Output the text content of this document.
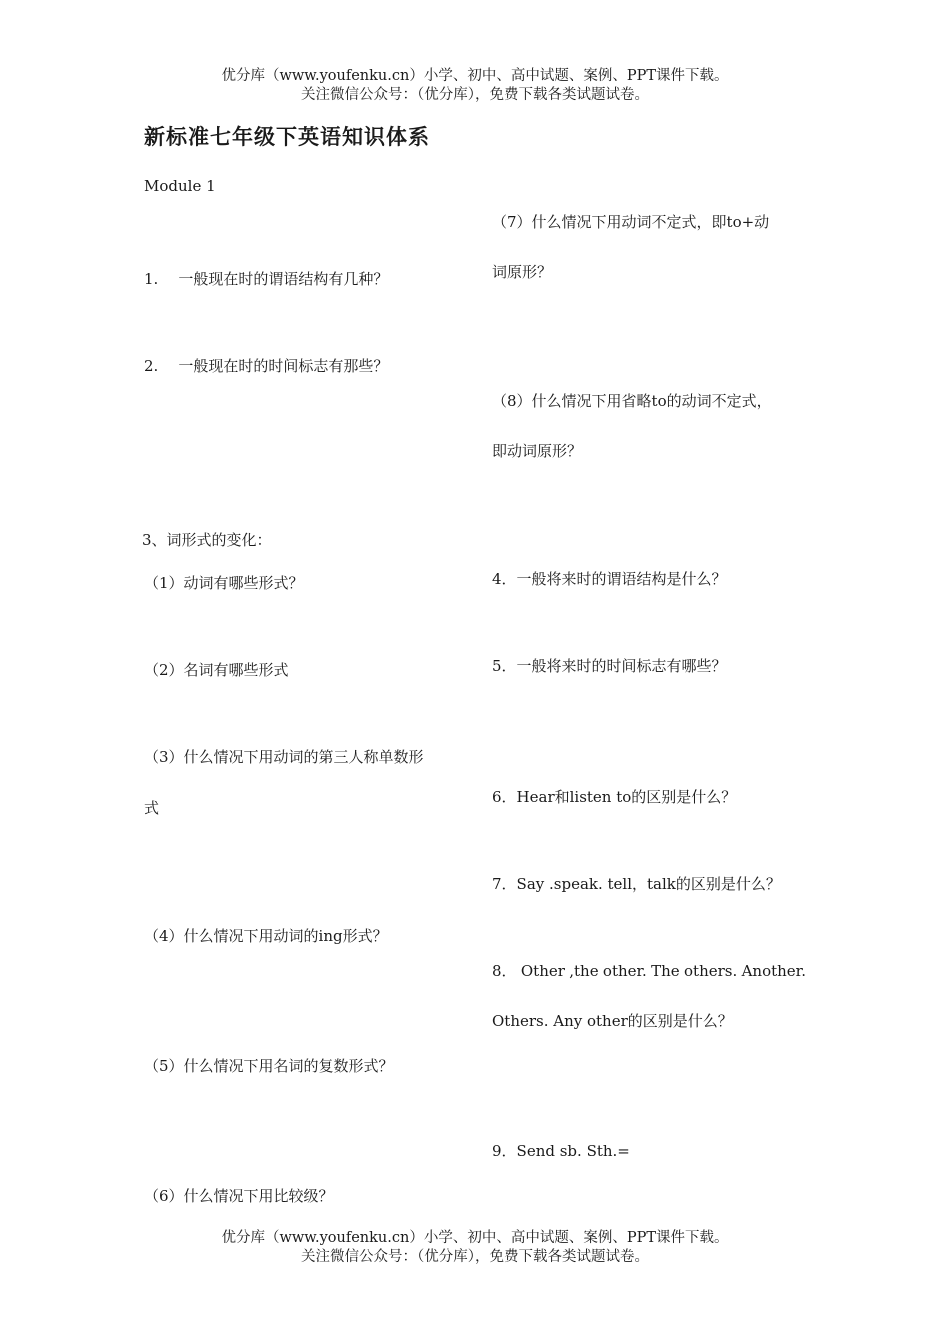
优分库（www.youfenku.cn）小学、初中、高中试题、案例、PPT课件下载。
关注微信公众号：（优分库），免费下载各类试题试卷。
新标准七年级下英语知识体系
Module 1
1. 一般现在时的谓语结构有几种？
2. 一般现在时的时间标志有那些？
3、词形式的变化：
（1）动词有哪些形式？
（2）名词有哪些形式
（3）什么情况下用动词的第三人称单数形
式
（4）什么情况下用动词的ing形式？
（5）什么情况下用名词的复数形式？
（6）什么情况下用比较级？
（7）什么情况下用动词不定式，即to+动
词原形？
（8）什么情况下用省略to的动词不定式，
即动词原形？
4．一般将来时的谓语结构是什么？
5．一般将来时的时间标志有哪些？
6．Hear和listen to的区别是什么？
7．Say .speak. tell，talk的区别是什么？
8． Other ,the other. The others. Another.
Others. Any other的区别是什么？
9．Send sb. Sth.=
优分库（www.youfenku.cn）小学、初中、高中试题、案例、PPT课件下载。
关注微信公众号：（优分库），免费下载各类试题试卷。
